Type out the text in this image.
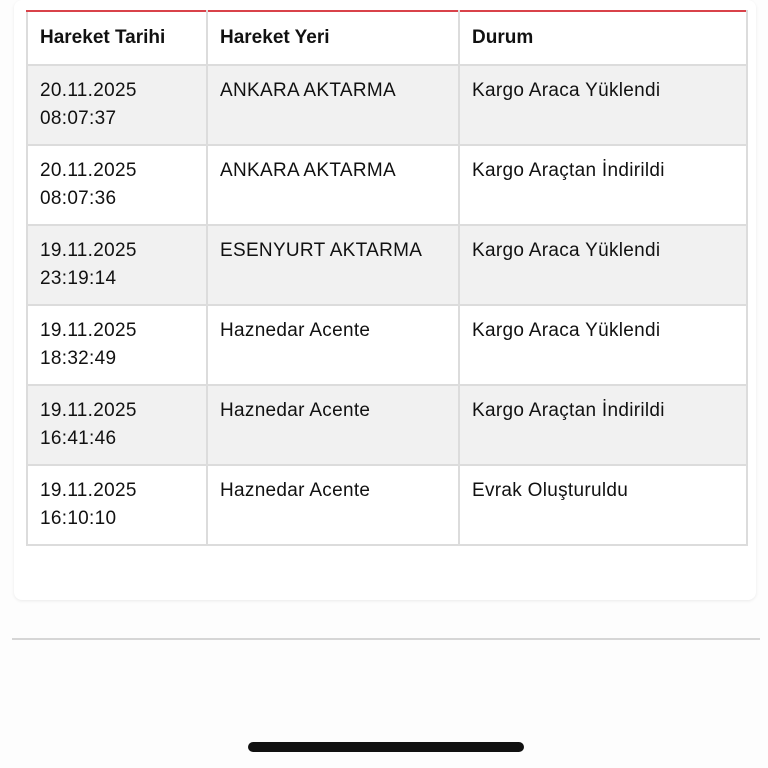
Hareket Tarihi	Hareket Yeri	Durum

20.11.2025
08:07:37	ANKARA AKTARMA	Kargo Araca Yüklendi

20.11.2025
08:07:36	ANKARA AKTARMA	Kargo Araçtan İndirildi

19.11.2025
23:19:14	ESENYURT AKTARMA	Kargo Araca Yüklendi

19.11.2025
18:32:49	Haznedar Acente	Kargo Araca Yüklendi

19.11.2025
16:41:46	Haznedar Acente	Kargo Araçtan İndirildi

19.11.2025
16:10:10	Haznedar Acente	Evrak Oluşturuldu
